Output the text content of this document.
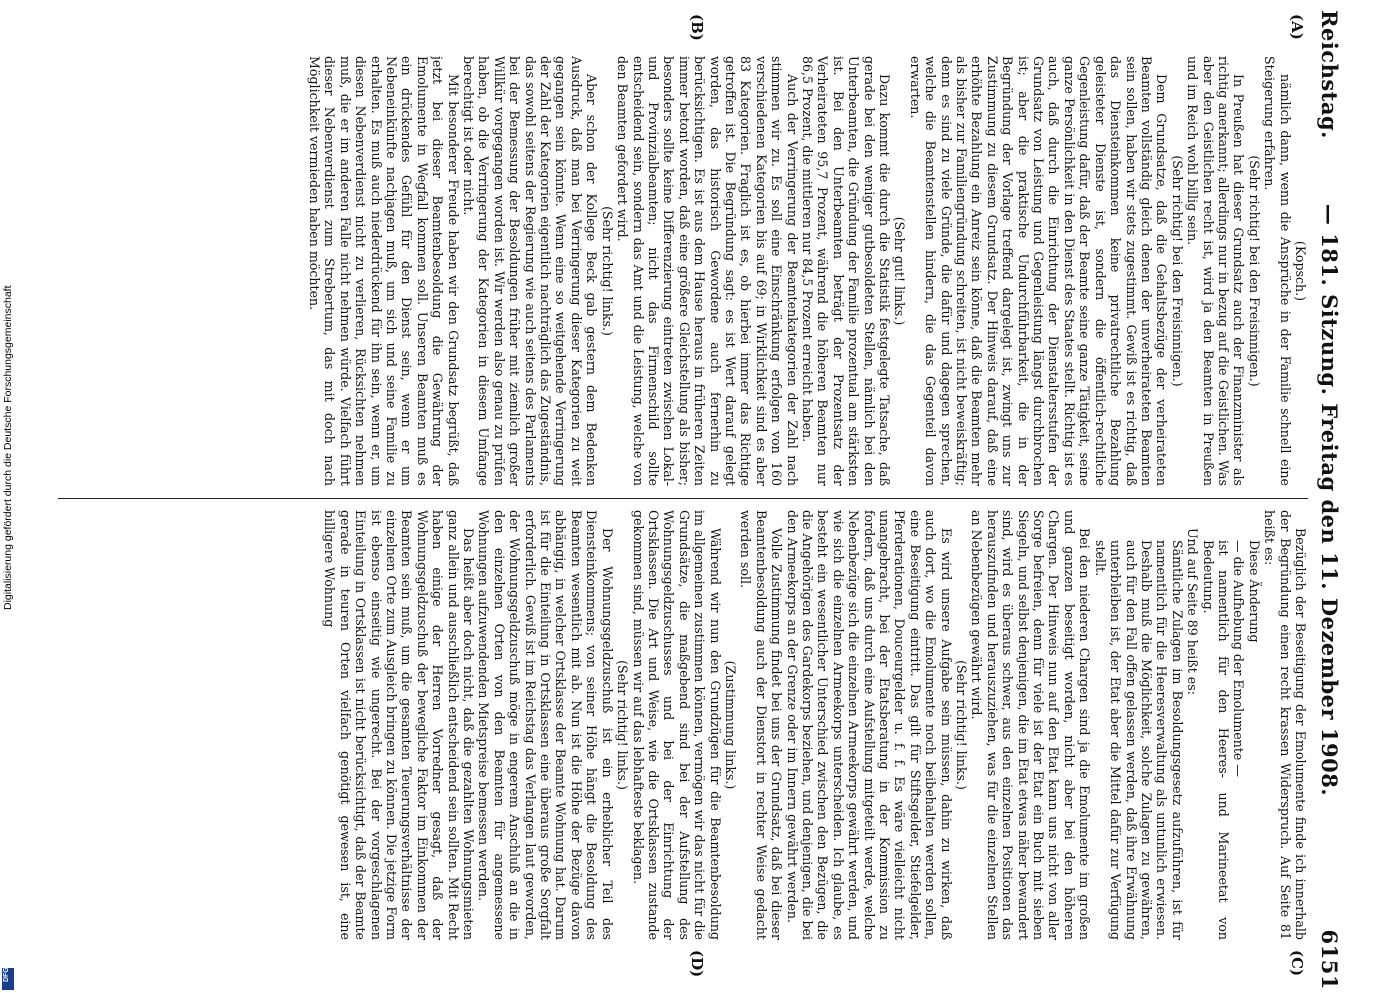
Reichstag.
— 181. Sitzung. Freitag den 11. Dezember 1908.
6151
(A)
(B)
(C)
(D)

(Kopsch.)

nämlich dann, wenn die Ansprüche in der Familie schnell eine Steigerung erfahren.

(Sehr richtig! bei den Freisinnigen.)

In Preußen hat dieser Grundsatz auch der Finanzminister als richtig anerkannt; allerdings nur in bezug auf die Geistlichen. Was aber den Geistlichen recht ist, wird ja den Beamten in Preußen und im Reich wohl billig sein.

(Sehr richtig! bei den Freisinnigen.)

Dem Grundsatze, daß die Gehaltsbezüge der verheirateten Beamten vollständig gleich denen der unverheirateten Beamten sein sollen, haben wir stets zugestimmt. Gewiß ist es richtig, daß das Diensteinkommen keine privatrechtliche Bezahlung geleisteter Dienste ist, sondern die öffentlich-rechtliche Gegenleistung dafür, daß der Beamte seine ganze Tätigkeit, seine ganze Persönlichkeit in den Dienst des Staates stellt. Richtig ist es auch, daß durch die Einrichtung der Dienstaltersstufen der Grundsatz von Leistung und Gegenleistung längst durchbrochen ist; aber die praktische Undurchführbarkeit, die in der Begründung der Vorlage treffend dargelegt ist, zwingt uns zur Zustimmung zu diesem Grundsatz. Der Hinweis darauf, daß eine erhöhte Bezahlung ein Anreiz sein könne, daß die Beamten mehr als bisher zur Familiengründung schreiten, ist nicht beweiskräftig; denn es sind zu viele Gründe, die dafür und dagegen sprechen, welche die Beamtenstellen hindern, die das Gegenteil davon erwarten.

(Sehr gut! links.)

Dazu kommt die durch die Statistik festgelegte Tatsache, daß gerade bei den weniger gutbesoldeten Stellen, nämlich bei den Unterbeamten, die Gründung der Familie prozentual am stärksten ist. Bei den Unterbeamten beträgt der Prozentsatz der Verheirateten 95,7 Prozent, während die höheren Beamten nur 86,5 Prozent, die mittleren nur 84,5 Prozent erreicht haben.

Auch der Verringerung der Beamtenkategorien der Zahl nach stimmen wir zu. Es soll eine Einschränkung erfolgen von 160 verschiedenen Kategorien bis auf 69; in Wirklichkeit sind es aber 83 Kategorien. Fraglich ist es, ob hierbei immer das Richtige getroffen ist. Die Begründung sagt: es ist Wert darauf gelegt worden, das historisch Gewordene auch fernerhin zu berücksichtigen. Es ist aus dem Hause heraus in früheren Zeiten immer betont worden, daß eine größere Gleichstellung als bisher; besonders sollte keine Differenzierung eintreten zwischen Lokal- und Provinzialbeamten; nicht das Firmenschild sollte entscheidend sein, sondern das Amt und die Leistung, welche von den Beamten gefordert wird.

(Sehr richtig! links.)

Aber schon der Kollege Beck gab gestern dem Bedenken Ausdruck, daß man bei Verringerung dieser Kategorien zu weit gegangen sein könnte. Wenn eine so weitgehende Verringerung der Zahl der Kategorien eigentlich nachträglich das Zugeständnis, das sowohl seitens der Regierung wie auch seitens des Parlaments bei der Bemessung der Besoldungen früher mit ziemlich großer Willkür vorgegangen worden ist. Wir werden also genau zu prüfen haben, ob die Verringerung der Kategorien in diesem Umfange berechtigt ist oder nicht.

Mit besonderer Freude haben wir den Grundsatz begrüßt, daß jetzt bei dieser Beamtenbesoldung die Gewährung der Emolumente in Wegfall kommen soll. Unseren Beamten muß es ein drückendes Gefühl für den Dienst sein, wenn er um Nebeneinkünfte nachjagen muß, um sich und seine Familie zu erhalten. Es muß auch niederdrückend für ihn sein, wenn er, um diesen Nebenverdienst nicht zu verlieren, Rücksichten nehmen muß, die er im anderen Falle nicht nehmen würde. Vielfach führt dieser Nebenverdienst zum Strebertum, das mit doch nach Möglichkeit vermieden haben möchten.

Bezüglich der Beseitigung der Emolumente finde ich innerhalb der Begründung einen recht krassen Widerspruch. Auf Seite 81 heißt es:

Diese Änderung

— die Aufhebung der Emolumente —

ist namentlich für den Heeres- und Marineetat von Bedeutung.

Und auf Seite 89 heißt es:

Sämtliche Zulagen im Besoldungsgesetz aufzuführen, ist für namentlich für die Heeresverwaltung als untunlich erwiesen. Deshalb muß die Möglichkeit, solche Zulagen zu gewähren, auch für den Fall offen gelassen werden, daß ihre Erwähnung unterbleiben ist, der Etat aber die Mittel dafür zur Verfügung stellt.

Bei den niederen Chargen sind ja die Emolumente im großen und ganzen beseitigt worden, nicht aber bei den höheren Chargen. Der Hinweis nun auf den Etat kann uns nicht von aller Sorge befreien, denn für viele ist der Etat ein Buch mit sieben Siegeln, und selbst denjenigen, die im Etat etwas näher bewandert sind, wird es überaus schwer, aus den einzelnen Positionen das herauszufinden und herauszuziehen, was für die einzelnen Stellen an Nebenbezügen gewährt wird.

(Sehr richtig! links.)

Es wird unsere Aufgabe sein müssen, dahin zu wirken, daß auch dort, wo die Emolumente noch beibehalten werden sollen, eine Beseitigung eintritt. Das gilt für Stiftsgelder, Stiefelgelder, Pferderationen, Douceurgelder u. f. f. Es wäre vielleicht nicht unangebracht, bei der Etatsberatung in der Kommission zu fordern, daß uns durch eine Aufstellung mitgeteilt werde, welche Nebenbezüge sich die einzelnen Armeekorps gewährt werden, und wie sich die einzelnen Armeekorps unterscheiden. Ich glaube, es besteht ein wesentlicher Unterschied zwischen den Bezügen, die die Angehörigen des Gardekorps beziehen, und denjenigen, die bei den Armeekorps an der Grenze oder im Innern gewährt werden.

Volle Zustimmung findet bei uns der Grundsatz, daß bei dieser Beamtenbesoldung auch der Dienstort in rechter Weise gedacht werden soll.

(Zustimmung links.)

Während wir nun den Grundzügen für die Beamtenbesoldung im allgemeinen zustimmen können, vermögen wir das nicht für die Grundsätze, die maßgebend sind bei der Aufstellung des Wohnungsgeldzuschusses und bei der Einrichtung der Ortsklassen. Die Art und Weise, wie die Ortsklassen zustande gekommen sind, müssen wir auf das lebhafteste beklagen.

(Sehr richtig! links.)

Der Wohnungsgeldzuschuß ist ein erheblicher Teil des Diensteinkommens; von seiner Höhe hängt die Besoldung des Beamten wesentlich mit ab. Nun ist die Höhe der Bezüge davon abhängig, in welcher Ortsklasse der Beamte Wohnung hat. Darum ist für die Einteilung in Ortsklassen eine überaus große Sorgfalt erforderlich. Gewiß ist im Reichstag das Verlangen laut geworden, der Wohnungsgeldzuschuß möge in engerem Anschluß an die in den einzelnen Orten von den Beamten für angemessene Wohnungen aufzuwendenden Mietspreise bemessen werden.

Das heißt aber doch nicht, daß die gezahlten Wohnungsmieten ganz allein und ausschließlich entscheidend sein sollten. Mit Recht haben einige der Herren Vorredner gesagt, daß der Wohnungsgeldzuschuß der bewegliche Faktor im Einkommen der Beamten sein muß, um die gesamten Teuerungsverhältnisse der einzelnen Orte zum Ausgleich bringen zu können. Die jetzige Form ist ebenso einseitig wie ungerecht. Bei der vorgeschlagenen Einteilung in Ortsklassen ist nicht berücksichtigt, daß der Beamte gerade in teuren Orten vielfach genötigt gewesen ist, eine billigere Wohnung

Digitalisierung gefördert durch die Deutsche Forschungsgemeinschaft
DFG
